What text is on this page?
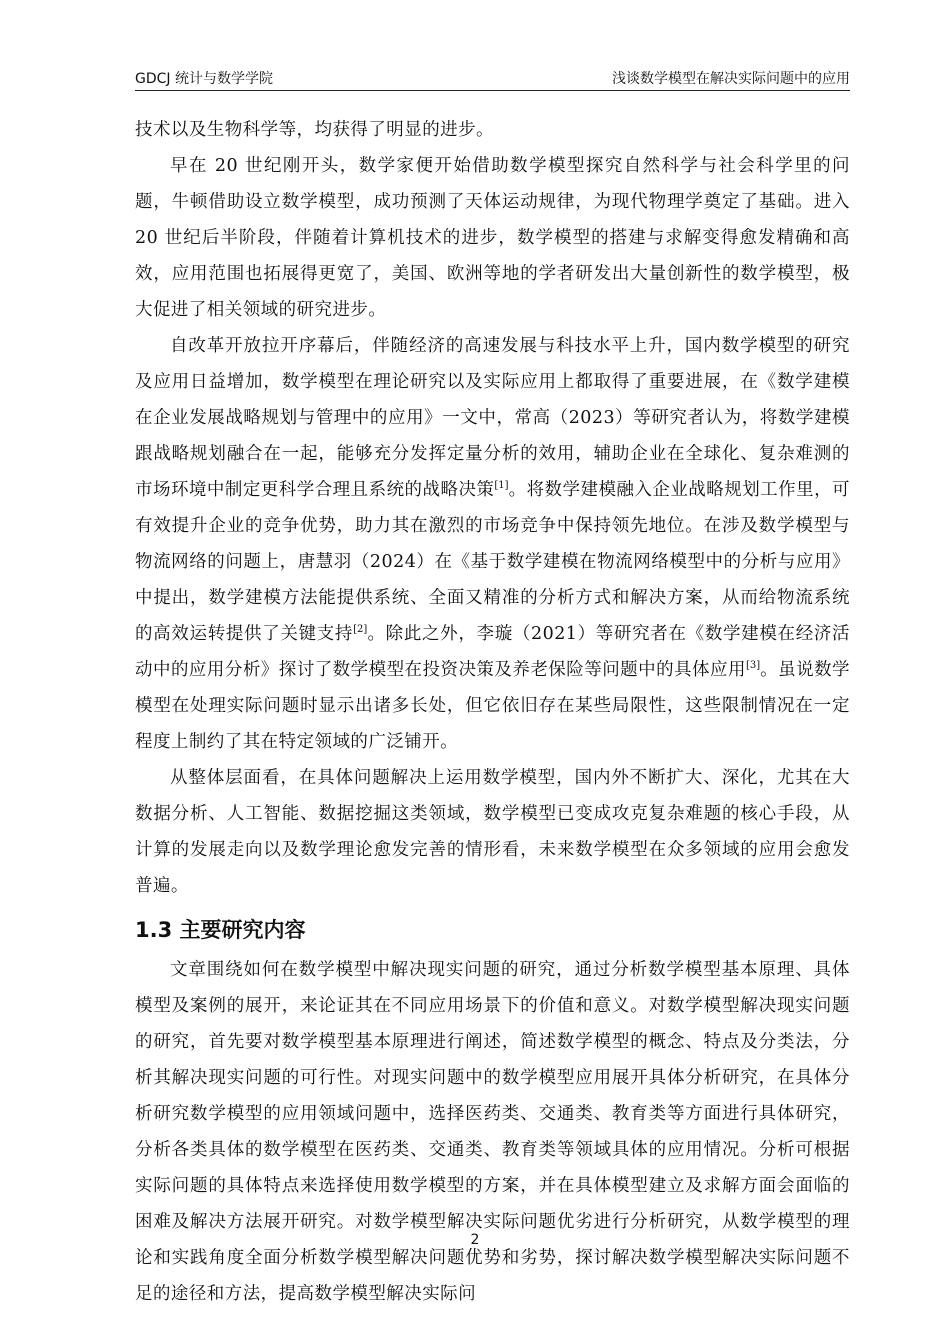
GDCJ 统计与数学学院	浅谈数学模型在解决实际问题中的应用

技术以及生物科学等，均获得了明显的进步。

早在 20 世纪刚开头，数学家便开始借助数学模型探究自然科学与社会科学里的问题，牛顿借助设立数学模型，成功预测了天体运动规律，为现代物理学奠定了基础。进入 20 世纪后半阶段，伴随着计算机技术的进步，数学模型的搭建与求解变得愈发精确和高效，应用范围也拓展得更宽了，美国、欧洲等地的学者研发出大量创新性的数学模型，极大促进了相关领域的研究进步。

自改革开放拉开序幕后，伴随经济的高速发展与科技水平上升，国内数学模型的研究及应用日益增加，数学模型在理论研究以及实际应用上都取得了重要进展，在《数学建模在企业发展战略规划与管理中的应用》一文中，常高（2023）等研究者认为，将数学建模跟战略规划融合在一起，能够充分发挥定量分析的效用，辅助企业在全球化、复杂难测的市场环境中制定更科学合理且系统的战略决策[1]。将数学建模融入企业战略规划工作里，可有效提升企业的竞争优势，助力其在激烈的市场竞争中保持领先地位。在涉及数学模型与物流网络的问题上，唐慧羽（2024）在《基于数学建模在物流网络模型中的分析与应用》中提出，数学建模方法能提供系统、全面又精准的分析方式和解决方案，从而给物流系统的高效运转提供了关键支持[2]。除此之外，李璇（2021）等研究者在《数学建模在经济活动中的应用分析》探讨了数学模型在投资决策及养老保险等问题中的具体应用[3]。虽说数学模型在处理实际问题时显示出诸多长处，但它依旧存在某些局限性，这些限制情况在一定程度上制约了其在特定领域的广泛铺开。

从整体层面看，在具体问题解决上运用数学模型，国内外不断扩大、深化，尤其在大数据分析、人工智能、数据挖掘这类领域，数学模型已变成攻克复杂难题的核心手段，从计算的发展走向以及数学理论愈发完善的情形看，未来数学模型在众多领域的应用会愈发普遍。

1.3 主要研究内容

文章围绕如何在数学模型中解决现实问题的研究，通过分析数学模型基本原理、具体模型及案例的展开，来论证其在不同应用场景下的价值和意义。对数学模型解决现实问题的研究，首先要对数学模型基本原理进行阐述，简述数学模型的概念、特点及分类法，分析其解决现实问题的可行性。对现实问题中的数学模型应用展开具体分析研究，在具体分析研究数学模型的应用领域问题中，选择医药类、交通类、教育类等方面进行具体研究，分析各类具体的数学模型在医药类、交通类、教育类等领域具体的应用情况。分析可根据实际问题的具体特点来选择使用数学模型的方案，并在具体模型建立及求解方面会面临的困难及解决方法展开研究。对数学模型解决实际问题优劣进行分析研究，从数学模型的理论和实践角度全面分析数学模型解决问题优势和劣势，探讨解决数学模型解决实际问题不足的途径和方法，提高数学模型解决实际问

2
